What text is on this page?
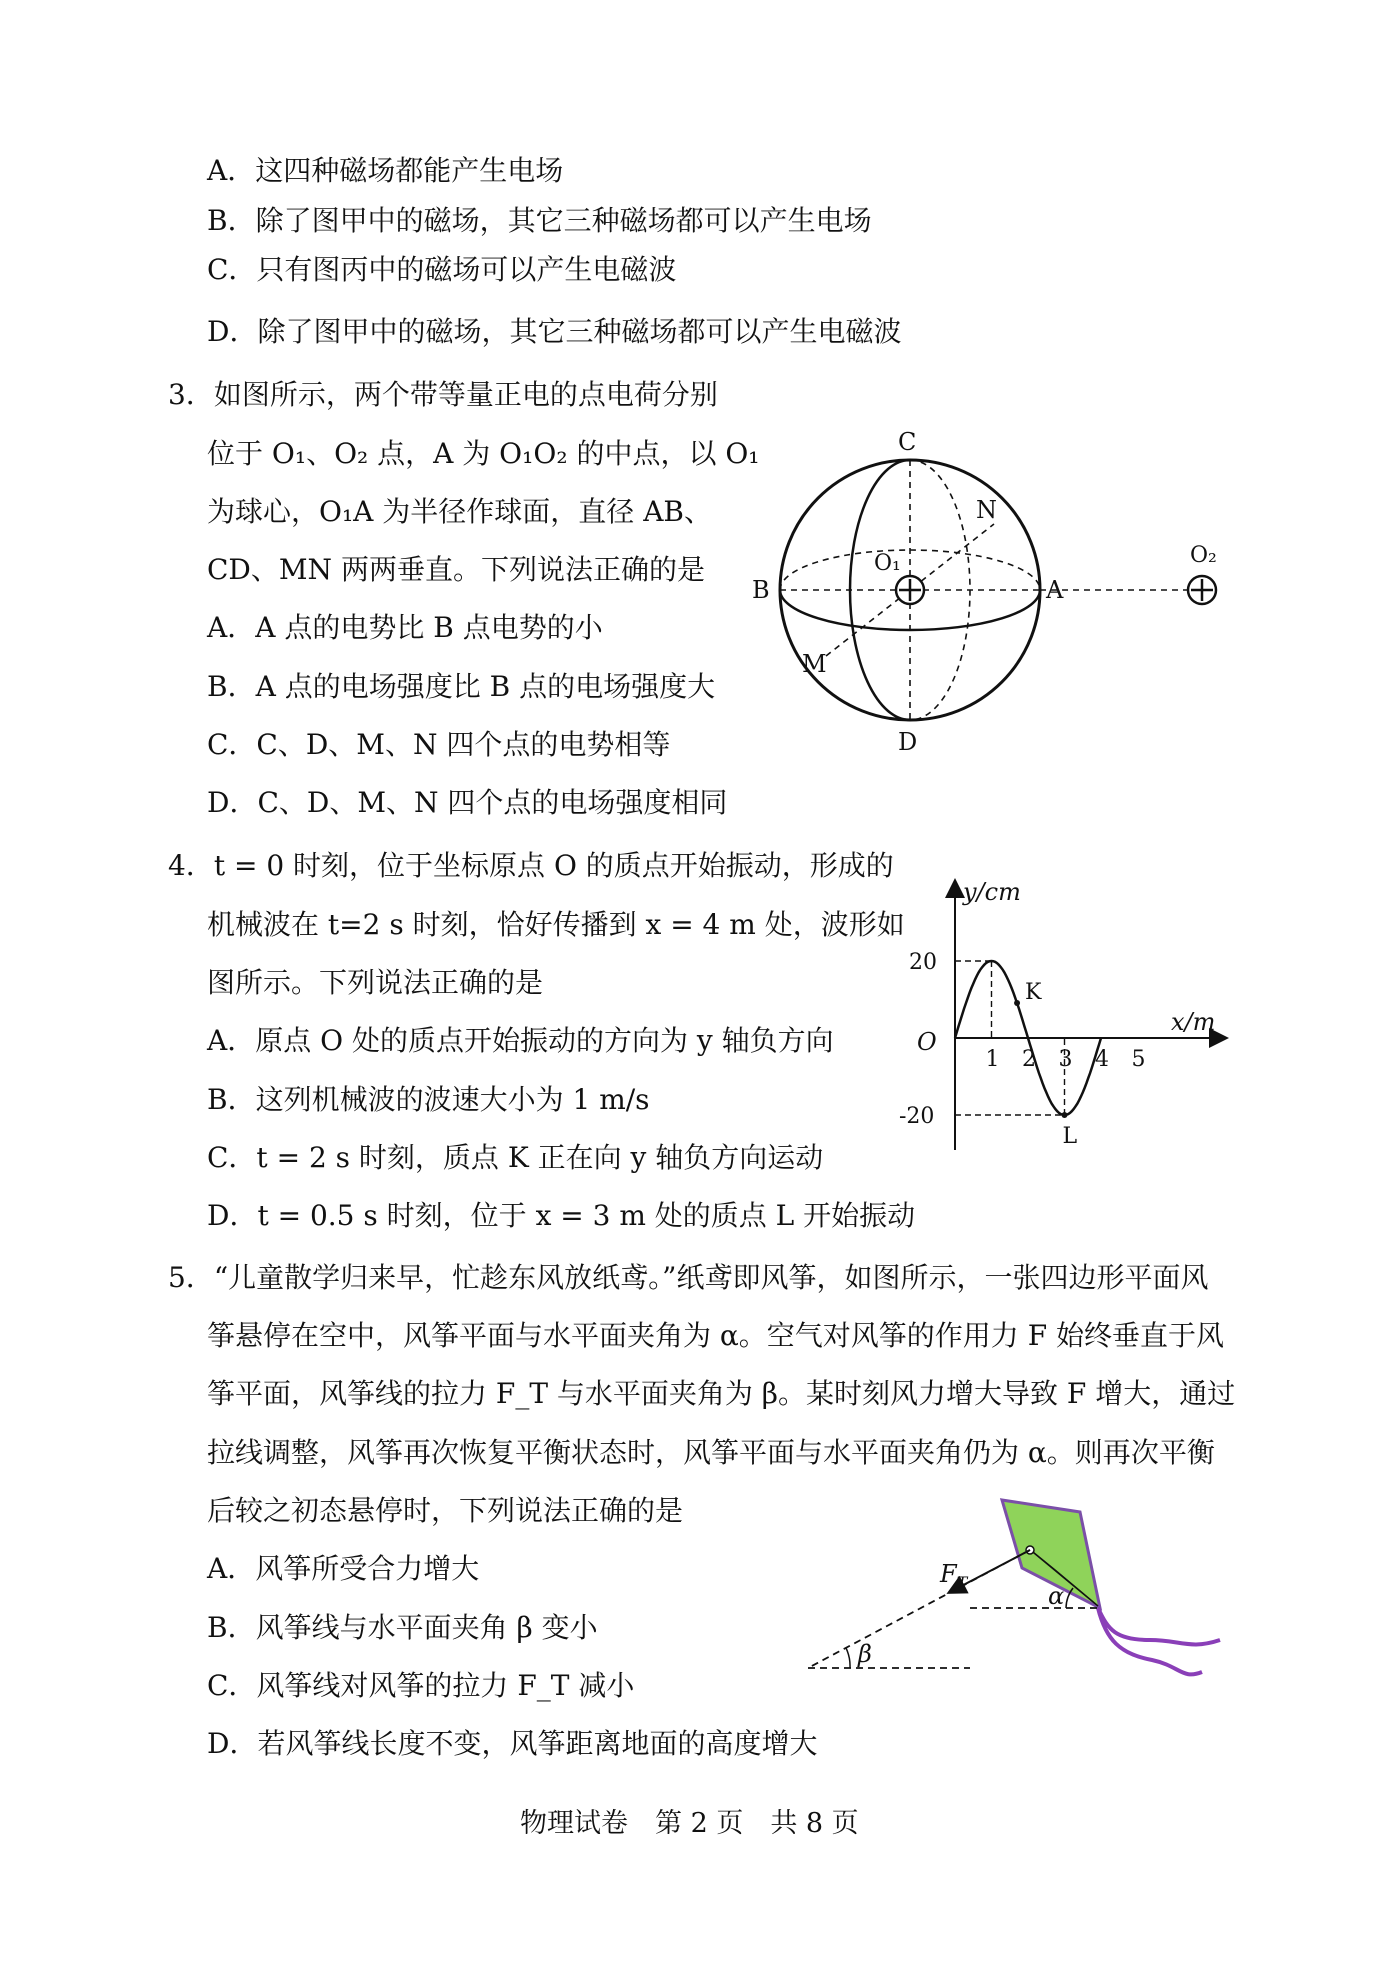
A．这四种磁场都能产生电场
B．除了图甲中的磁场，其它三种磁场都可以产生电场
C．只有图丙中的磁场可以产生电磁波
D．除了图甲中的磁场，其它三种磁场都可以产生电磁波
3．如图所示，两个带等量正电的点电荷分别
位于 O₁、O₂ 点，A 为 O₁O₂ 的中点，以 O₁
为球心，O₁A 为半径作球面，直径 AB、
CD、MN 两两垂直。下列说法正确的是
A．A 点的电势比 B 点电势的小
B．A 点的电场强度比 B 点的电场强度大
C．C、D、M、N 四个点的电势相等
D．C、D、M、N 四个点的电场强度相同
C
D
B	A
M
N
O₁	O₂
4．t = 0 时刻，位于坐标原点 O 的质点开始振动，形成的
机械波在 t=2 s 时刻，恰好传播到 x = 4 m 处，波形如
图所示。下列说法正确的是
A．原点 O 处的质点开始振动的方向为 y 轴负方向
B．这列机械波的波速大小为 1 m/s
C．t = 2 s 时刻，质点 K 正在向 y 轴负方向运动
D．t = 0.5 s 时刻，位于 x = 3 m 处的质点 L 开始振动
y/cm
x/m
O
1 2 3 4 5
20
-20
K
L
5．“儿童散学归来早，忙趁东风放纸鸢。”纸鸢即风筝，如图所示，一张四边形平面风
筝悬停在空中，风筝平面与水平面夹角为 α。空气对风筝的作用力 F 始终垂直于风
筝平面，风筝线的拉力 F_T 与水平面夹角为 β。某时刻风力增大导致 F 增大，通过
拉线调整，风筝再次恢复平衡状态时，风筝平面与水平面夹角仍为 α。则再次平衡
后较之初态悬停时，下列说法正确的是
A．风筝所受合力增大
B．风筝线与水平面夹角 β 变小
C．风筝线对风筝的拉力 F_T 减小
D．若风筝线长度不变，风筝距离地面的高度增大
$F_T$	α
β
物理试卷　第 2 页　共 8 页
